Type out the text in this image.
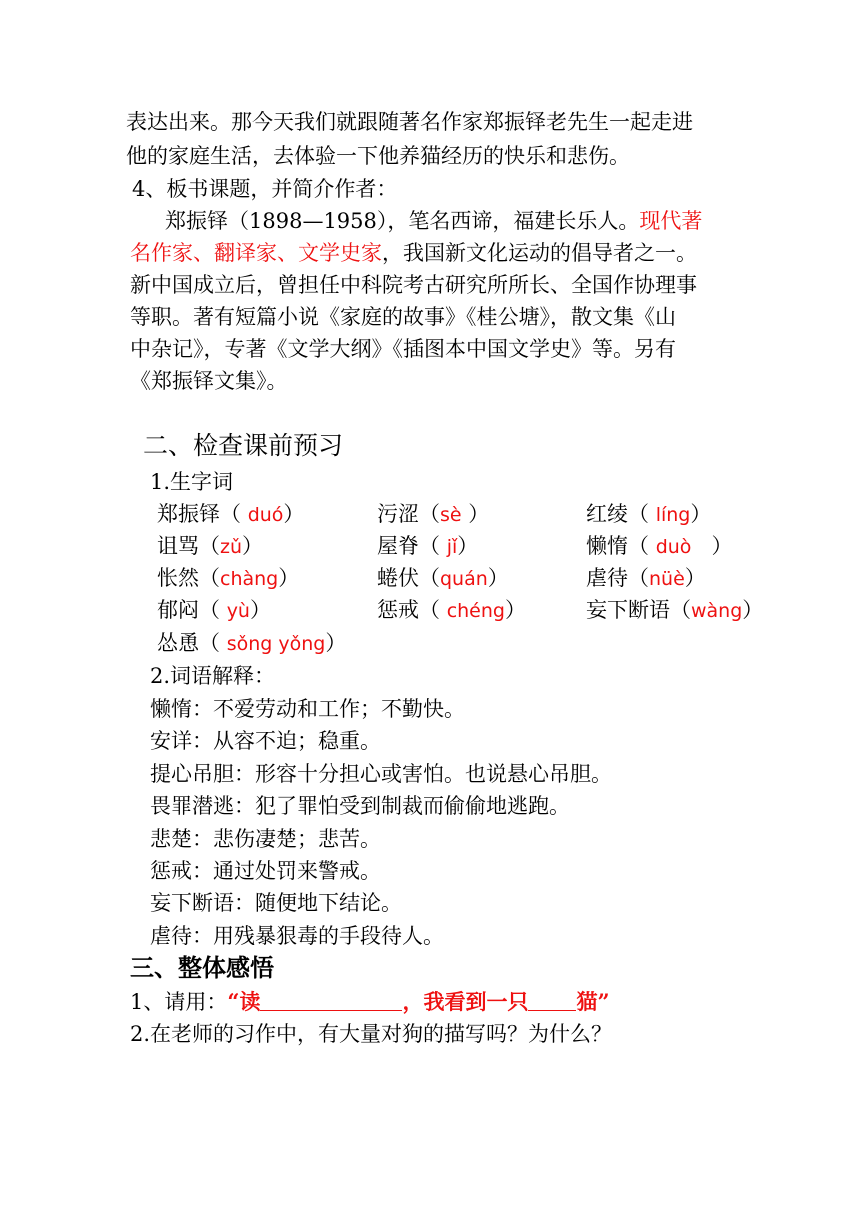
表达出来。那今天我们就跟随著名作家郑振铎老先生一起走进
他的家庭生活，去体验一下他养猫经历的快乐和悲伤。
4、板书课题，并简介作者：
郑振铎（1898—1958），笔名西谛，福建长乐人。现代著
名作家、翻译家、文学史家，我国新文化运动的倡导者之一。
新中国成立后，曾担任中科院考古研究所所长、全国作协理事
等职。著有短篇小说《家庭的故事》《桂公塘》，散文集《山
中杂记》，专著《文学大纲》《插图本中国文学史》等。另有
《郑振铎文集》。
二、检查课前预习
1.生字词
郑振铎（ duó）	污涩（sè ）	红绫（ líng）
诅骂（zǔ）	屋脊（ jǐ）	懒惰（ duò   ）
怅然（chàng）	蜷伏（quán）	虐待（nüè）
郁闷（ yù）	惩戒（ chéng）	妄下断语（wàng）
怂恿（ sǒng yǒng）
2.词语解释：
懒惰：不爱劳动和工作；不勤快。
安详：从容不迫；稳重。
提心吊胆：形容十分担心或害怕。也说悬心吊胆。
畏罪潜逃：犯了罪怕受到制裁而偷偷地逃跑。
悲楚：悲伤凄楚；悲苦。
惩戒：通过处罚来警戒。
妄下断语：随便地下结论。
虐待：用残暴狠毒的手段待人。
三、整体感悟
1、请用：“读	，我看到一只 猫”
2.在老师的习作中，有大量对狗的描写吗？为什么？
